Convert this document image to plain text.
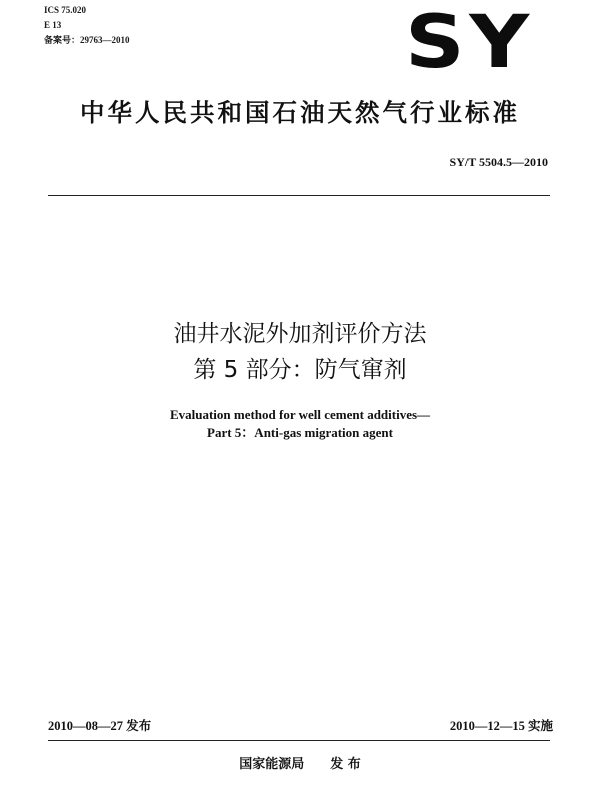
ICS 75.020
E 13
备案号：29763—2010	SY
中华人民共和国石油天然气行业标准
SY/T 5504.5—2010
油井水泥外加剂评价方法
第 5 部分：防气窜剂
Evaluation method for well cement additives—
Part 5：Anti-gas migration agent
2010—08—27 发布	2010—12—15 实施
国家能源局 发 布
